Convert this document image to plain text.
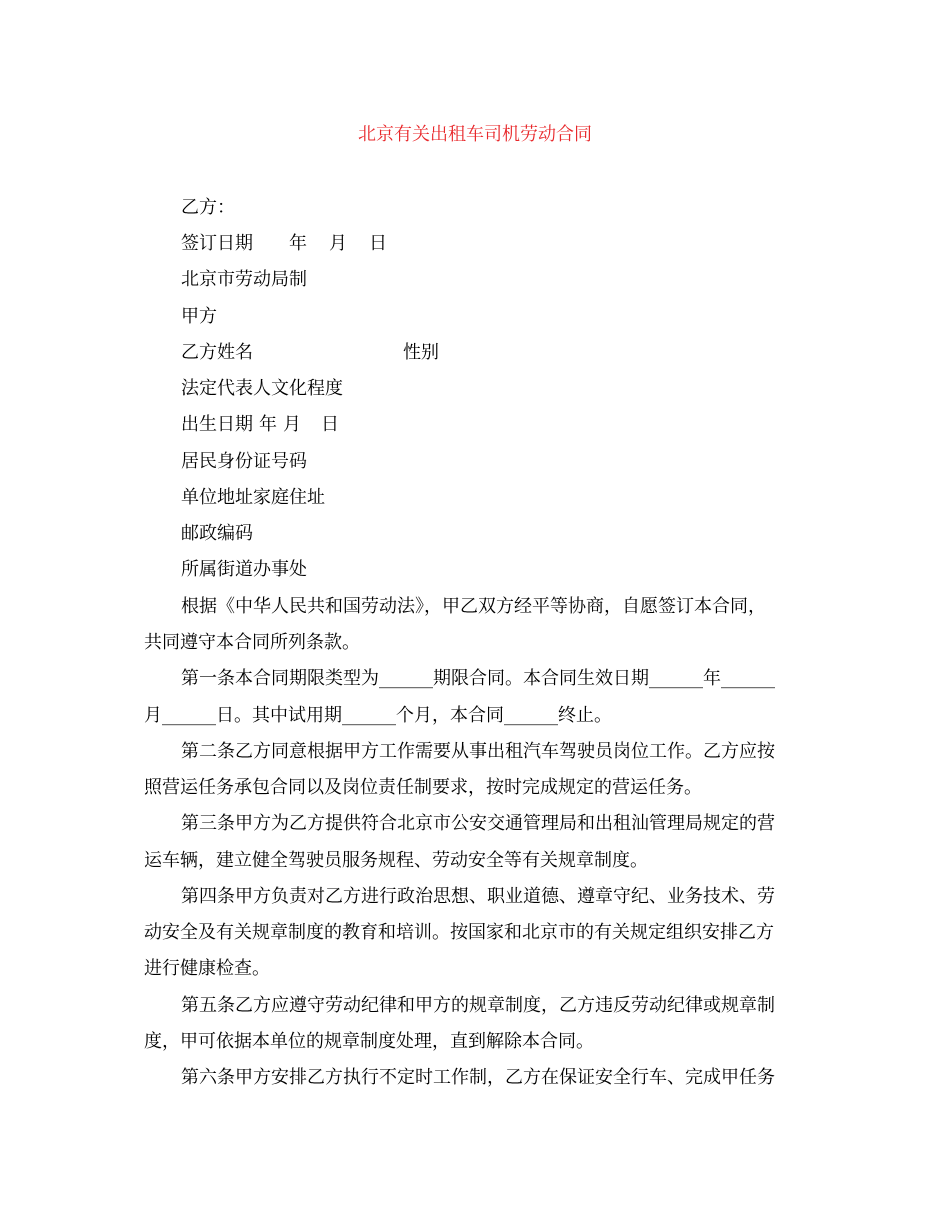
北京有关出租车司机劳动合同
乙方：
签订日期 年 月 日
北京市劳动局制
甲方
乙方姓名	性别
法定代表人文化程度
出生日期 年 月 日
居民身份证号码
单位地址家庭住址
邮政编码
所属街道办事处
根据《中华人民共和国劳动法》，甲乙双方经平等协商，自愿签订本合同，
共同遵守本合同所列条款。
第一条本合同期限类型为______期限合同。本合同生效日期______年______
月______日。其中试用期______个月，本合同______终止。
第二条乙方同意根据甲方工作需要从事出租汽车驾驶员岗位工作。乙方应按
照营运任务承包合同以及岗位责任制要求，按时完成规定的营运任务。
第三条甲方为乙方提供符合北京市公安交通管理局和出租汕管理局规定的营
运车辆，建立健全驾驶员服务规程、劳动安全等有关规章制度。
第四条甲方负责对乙方进行政治思想、职业道德、遵章守纪、业务技术、劳
动安全及有关规章制度的教育和培训。按国家和北京市的有关规定组织安排乙方
进行健康检查。
第五条乙方应遵守劳动纪律和甲方的规章制度，乙方违反劳动纪律或规章制
度，甲可依据本单位的规章制度处理，直到解除本合同。
第六条甲方安排乙方执行不定时工作制，乙方在保证安全行车、完成甲任务
